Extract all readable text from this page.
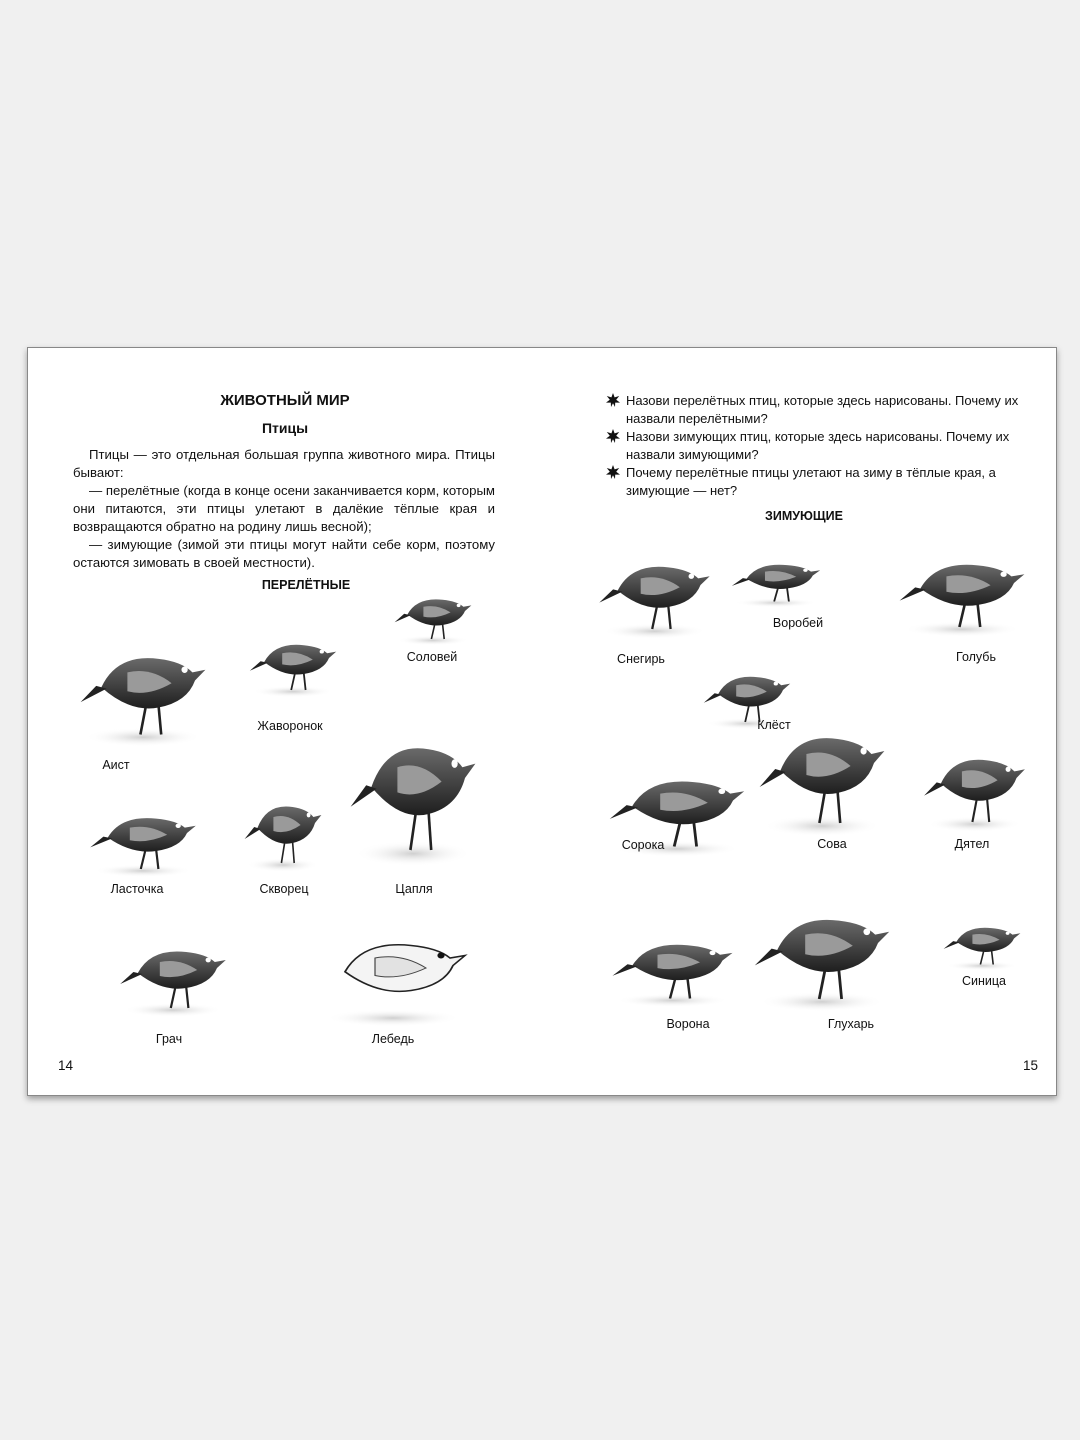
ЖИВОТНЫЙ МИР
Птицы

Птицы — это отдельная большая группа животного мира. Птицы бывают:

— перелётные (когда в конце осени заканчивается корм, которым они питаются, эти птицы улетают в далёкие тёплые края и возвращаются обратно на родину лишь весной);

— зимующие (зимой эти птицы могут найти себе корм, поэтому остаются зимовать в своей местности).

ПЕРЕЛЁТНЫЕ
Аист
Жаворонок
Соловей
Ласточка	Скворец	Цапля
Грач	Лебедь
14
Назови перелётных птиц, которые здесь нарисованы. Почему их назвали перелётными?
Назови зимующих птиц, которые здесь нарисованы. Почему их назвали зимующими?
Почему перелётные птицы улетают на зиму в тёплые края, а зимующие — нет?
ЗИМУЮЩИЕ
Снегирь
Воробей
Голубь
Клёст
Сорока	Сова	Дятел
Ворона	Глухарь
Синица
15
